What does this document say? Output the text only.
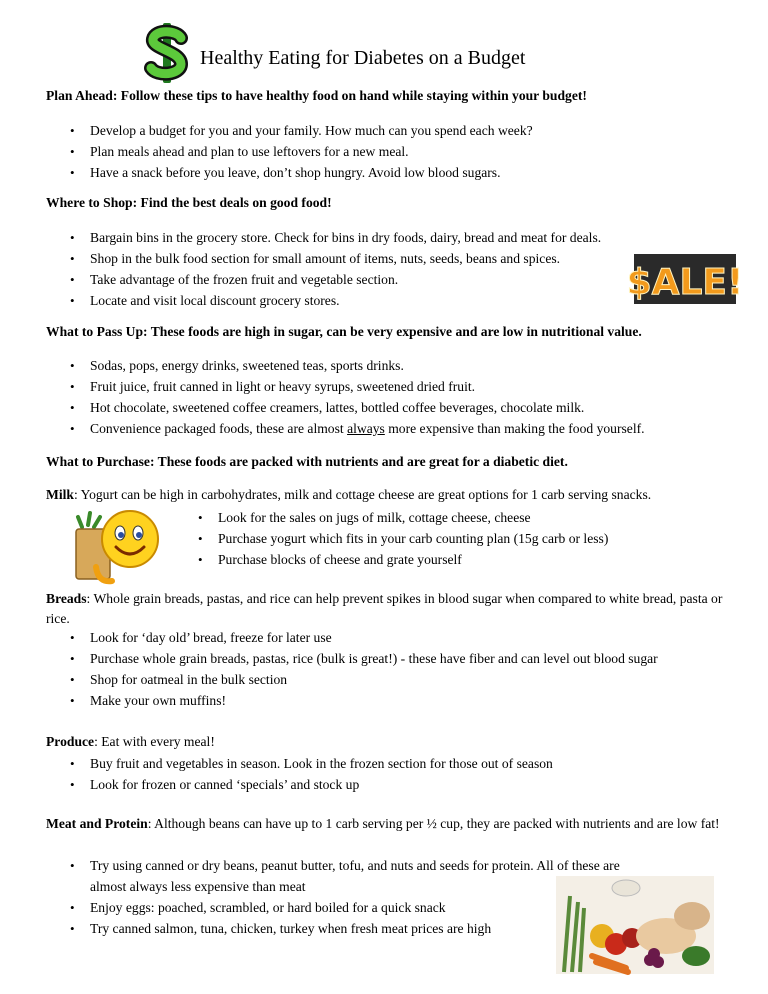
Healthy Eating for Diabetes on a Budget
Plan Ahead: Follow these tips to have healthy food on hand while staying within your budget!
• Develop a budget for you and your family. How much can you spend each week?
• Plan meals ahead and plan to use leftovers for a new meal.
• Have a snack before you leave, don’t shop hungry. Avoid low blood sugars.
Where to Shop: Find the best deals on good food!
• Bargain bins in the grocery store. Check for bins in dry foods, dairy, bread and meat for deals.
• Shop in the bulk food section for small amount of items, nuts, seeds, beans and spices.
• Take advantage of the frozen fruit and vegetable section.
• Locate and visit local discount grocery stores.	$ALE!
What to Pass Up: These foods are high in sugar, can be very expensive and are low in nutritional value.
• Sodas, pops, energy drinks, sweetened teas, sports drinks.
• Fruit juice, fruit canned in light or heavy syrups, sweetened dried fruit.
• Hot chocolate, sweetened coffee creamers, lattes, bottled coffee beverages, chocolate milk.
• Convenience packaged foods, these are almost always more expensive than making the food yourself.
What to Purchase: These foods are packed with nutrients and are great for a diabetic diet.
Milk: Yogurt can be high in carbohydrates, milk and cottage cheese are great options for 1 carb serving snacks.
• Look for the sales on jugs of milk, cottage cheese, cheese
• Purchase yogurt which fits in your carb counting plan (15g carb or less)
• Purchase blocks of cheese and grate yourself
Breads: Whole grain breads, pastas, and rice can help prevent spikes in blood sugar when compared to white bread, pasta or rice.
• Look for ‘day old’ bread, freeze for later use
• Purchase whole grain breads, pastas, rice (bulk is great!) - these have fiber and can level out blood sugar
• Shop for oatmeal in the bulk section
• Make your own muffins!
Produce: Eat with every meal!
• Buy fruit and vegetables in season. Look in the frozen section for those out of season
• Look for frozen or canned ‘specials’ and stock up
Meat and Protein: Although beans can have up to 1 carb serving per ½ cup, they are packed with nutrients and are low fat!
• Try using canned or dry beans, peanut butter, tofu, and nuts and seeds for protein. All of these are
almost always less expensive than meat
• Enjoy eggs: poached, scrambled, or hard boiled for a quick snack
• Try canned salmon, tuna, chicken, turkey when fresh meat prices are high
